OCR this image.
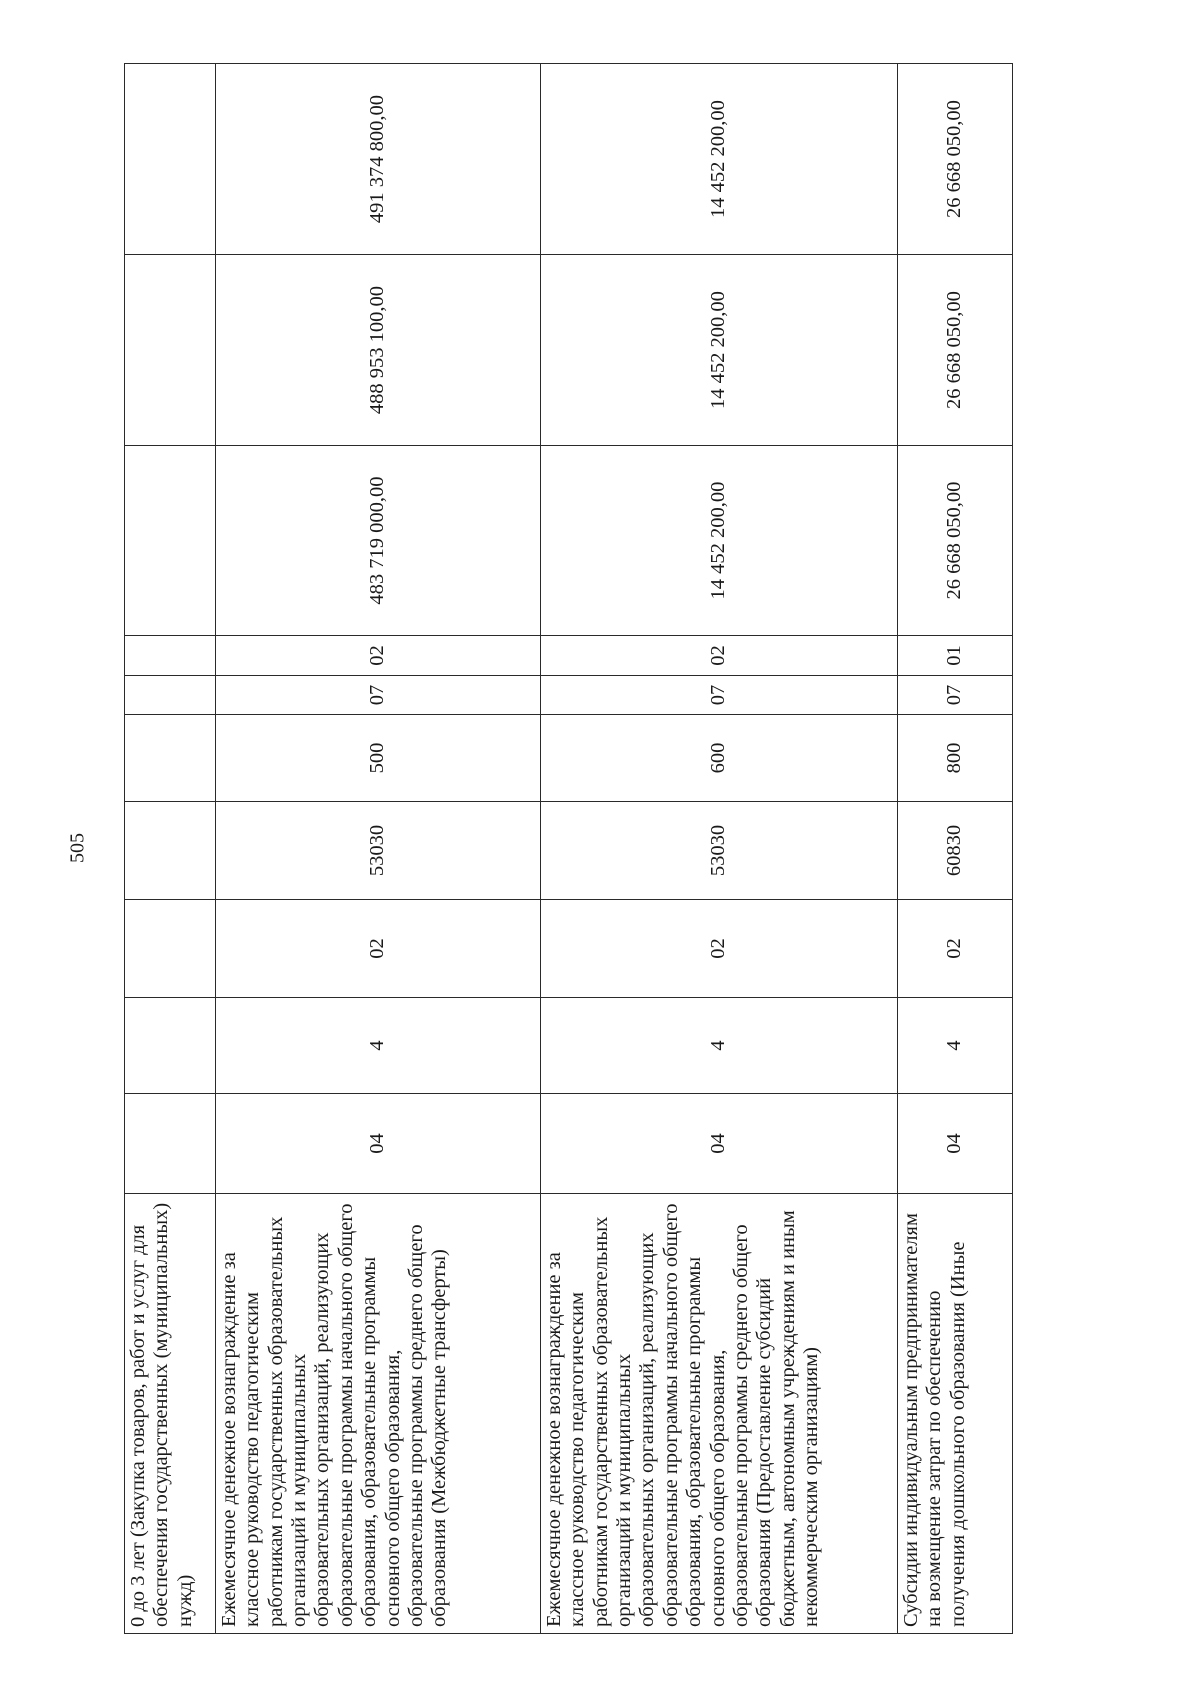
505
0 до 3 лет (Закупка товаров, работ и услуг для обеспечения государственных (муниципальных) нужд)										
Ежемесячное денежное вознаграждение за классное руководство педагогическим работникам государственных образовательных организаций и муниципальных образовательных организаций, реализующих образовательные программы начального общего образования, образовательные программы основного общего образования, образовательные программы среднего общего образования (Межбюджетные трансферты)	04	4	02	53030	500	07	02	483 719 000,00	488 953 100,00	491 374 800,00
Ежемесячное денежное вознаграждение за классное руководство педагогическим работникам государственных образовательных организаций и муниципальных образовательных организаций, реализующих образовательные программы начального общего образования, образовательные программы основного общего образования, образовательные программы среднего общего образования (Предоставление субсидий бюджетным, автономным учреждениям и иным некоммерческим организациям)	04	4	02	53030	600	07	02	14 452 200,00	14 452 200,00	14 452 200,00
Субсидии индивидуальным предпринимателям на возмещение затрат по обеспечению получения дошкольного образования (Иные	04	4	02	60830	800	07	01	26 668 050,00	26 668 050,00	26 668 050,00
